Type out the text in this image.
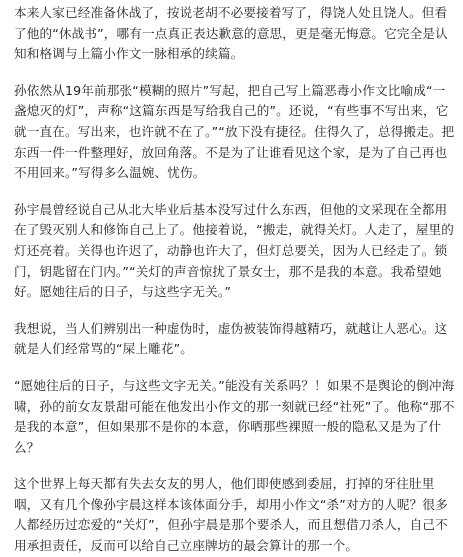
本来人家已经准备休战了，按说老胡不必要接着写了，得饶人处且饶人。但看了他的“休战书”，哪有一点真正表达歉意的意思，更是毫无悔意。它完全是认知和格调与上篇小作文一脉相承的续篇。

孙依然从19年前那张“模糊的照片”写起，把自己写上篇恶毒小作文比喻成“一盏熄灭的灯”，声称“这篇东西是写给我自己的”。还说，“有些事不写出来，它就一直在。写出来，也许就不在了。”“放下没有捷径。住得久了，总得搬走。把东西一件一件整理好，放回角落。不是为了让谁看见这个家，是为了自己再也不用回来。”写得多么温婉、忧伤。

孙宇晨曾经说自己从北大毕业后基本没写过什么东西，但他的文采现在全都用在了毁灭别人和修饰自己上了。他接着说，“搬走，就得关灯。人走了，屋里的灯还亮着。关得也许迟了，动静也许大了，但灯总要关，因为人已经走了。锁门，钥匙留在门内。”“关灯的声音惊扰了景女士，那不是我的本意。我希望她好。愿她往后的日子，与这些字无关。”

我想说，当人们辨别出一种虚伪时，虚伪被装饰得越精巧，就越让人恶心。这就是人们经常骂的“屎上雕花”。

“愿她往后的日子，与这些文字无关。”能没有关系吗？！如果不是舆论的倒冲海啸，孙的前女友景甜可能在他发出小作文的那一刻就已经“社死”了。他称“那不是我的本意”，但如果那不是你的本意，你晒那些裸照一般的隐私又是为了什么？

这个世界上每天都有失去女友的男人，他们即使感到委屈，打掉的牙往肚里咽，又有几个像孙宇晨这样本该体面分手，却用小作文“杀”对方的人呢？很多人都经历过恋爱的“关灯”，但孙宇晨是那个要杀人，而且想借刀杀人，自己不用承担责任，反而可以给自己立座牌坊的最会算计的那一个。
